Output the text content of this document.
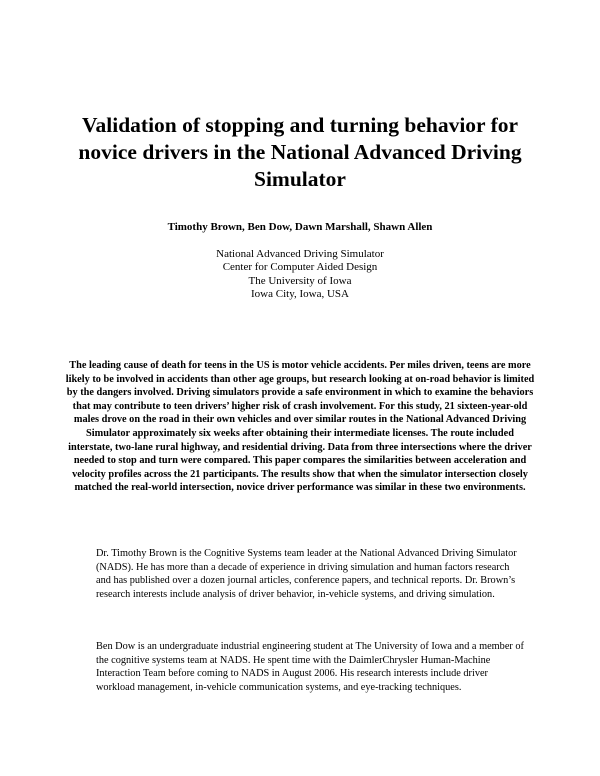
Validation of stopping and turning behavior for novice drivers in the National Advanced Driving Simulator

Timothy Brown, Ben Dow, Dawn Marshall, Shawn Allen

National Advanced Driving Simulator
Center for Computer Aided Design
The University of Iowa
Iowa City, Iowa, USA

The leading cause of death for teens in the US is motor vehicle accidents. Per miles driven, teens are more likely to be involved in accidents than other age groups, but research looking at on-road behavior is limited by the dangers involved. Driving simulators provide a safe environment in which to examine the behaviors that may contribute to teen drivers’ higher risk of crash involvement. For this study, 21 sixteen-year-old males drove on the road in their own vehicles and over similar routes in the National Advanced Driving Simulator approximately six weeks after obtaining their intermediate licenses. The route included interstate, two-lane rural highway, and residential driving. Data from three intersections where the driver needed to stop and turn were compared. This paper compares the similarities between acceleration and velocity profiles across the 21 participants. The results show that when the simulator intersection closely matched the real-world intersection, novice driver performance was similar in these two environments.

Dr. Timothy Brown is the Cognitive Systems team leader at the National Advanced Driving Simulator (NADS). He has more than a decade of experience in driving simulation and human factors research and has published over a dozen journal articles, conference papers, and technical reports. Dr. Brown’s research interests include analysis of driver behavior, in-vehicle systems, and driving simulation.

Ben Dow is an undergraduate industrial engineering student at The University of Iowa and a member of the cognitive systems team at NADS. He spent time with the DaimlerChrysler Human-Machine Interaction Team before coming to NADS in August 2006. His research interests include driver workload management, in-vehicle communication systems, and eye-tracking techniques.
